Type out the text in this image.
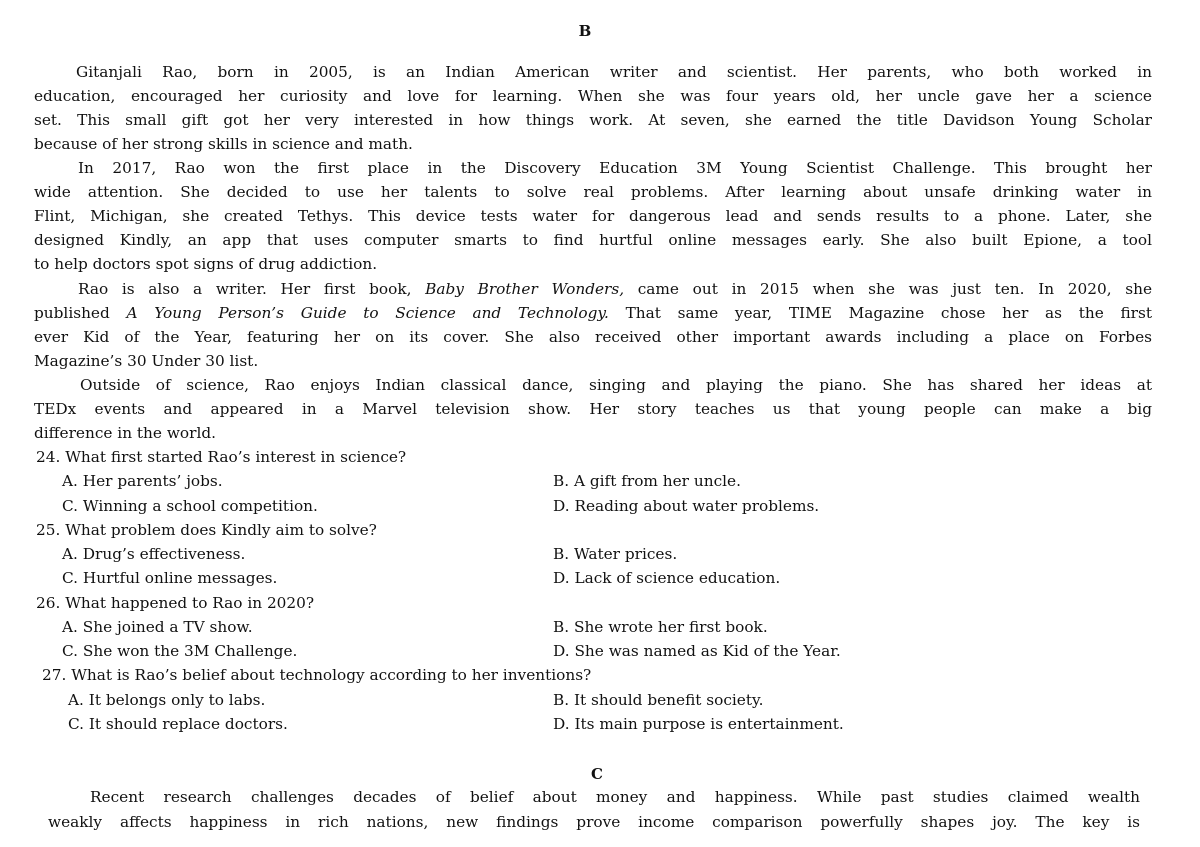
B
Gitanjali Rao, born in 2005, is an Indian American writer and scientist. Her parents, who both worked in
education, encouraged her curiosity and love for learning. When she was four years old, her uncle gave her a science
set. This small gift got her very interested in how things work. At seven, she earned the title Davidson Young Scholar
because of her strong skills in science and math.
In 2017, Rao won the first place in the Discovery Education 3M Young Scientist Challenge. This brought her
wide attention. She decided to use her talents to solve real problems. After learning about unsafe drinking water in
Flint, Michigan, she created Tethys. This device tests water for dangerous lead and sends results to a phone. Later, she
designed Kindly, an app that uses computer smarts to find hurtful online messages early. She also built Epione, a tool
to help doctors spot signs of drug addiction.
Rao is also a writer. Her first book, Baby Brother Wonders, came out in 2015 when she was just ten. In 2020, she
published A Young Person’s Guide to Science and Technology. That same year, TIME Magazine chose her as the first
ever Kid of the Year, featuring her on its cover. She also received other important awards including a place on Forbes
Magazine’s 30 Under 30 list.
Outside of science, Rao enjoys Indian classical dance, singing and playing the piano. She has shared her ideas at
TEDx events and appeared in a Marvel television show. Her story teaches us that young people can make a big
difference in the world.
24. What first started Rao’s interest in science?
A. Her parents’ jobs.	B. A gift from her uncle.
C. Winning a school competition.	D. Reading about water problems.
25. What problem does Kindly aim to solve?
A. Drug’s effectiveness.	B. Water prices.
C. Hurtful online messages.	D. Lack of science education.
26. What happened to Rao in 2020?
A. She joined a TV show.	B. She wrote her first book.
C. She won the 3M Challenge.	D. She was named as Kid of the Year.
27. What is Rao’s belief about technology according to her inventions?
A. It belongs only to labs.	B. It should benefit society.
C. It should replace doctors.	D. Its main purpose is entertainment.
C
Recent research challenges decades of belief about money and happiness. While past studies claimed wealth
weakly affects happiness in rich nations, new findings prove income comparison powerfully shapes joy. The key is
